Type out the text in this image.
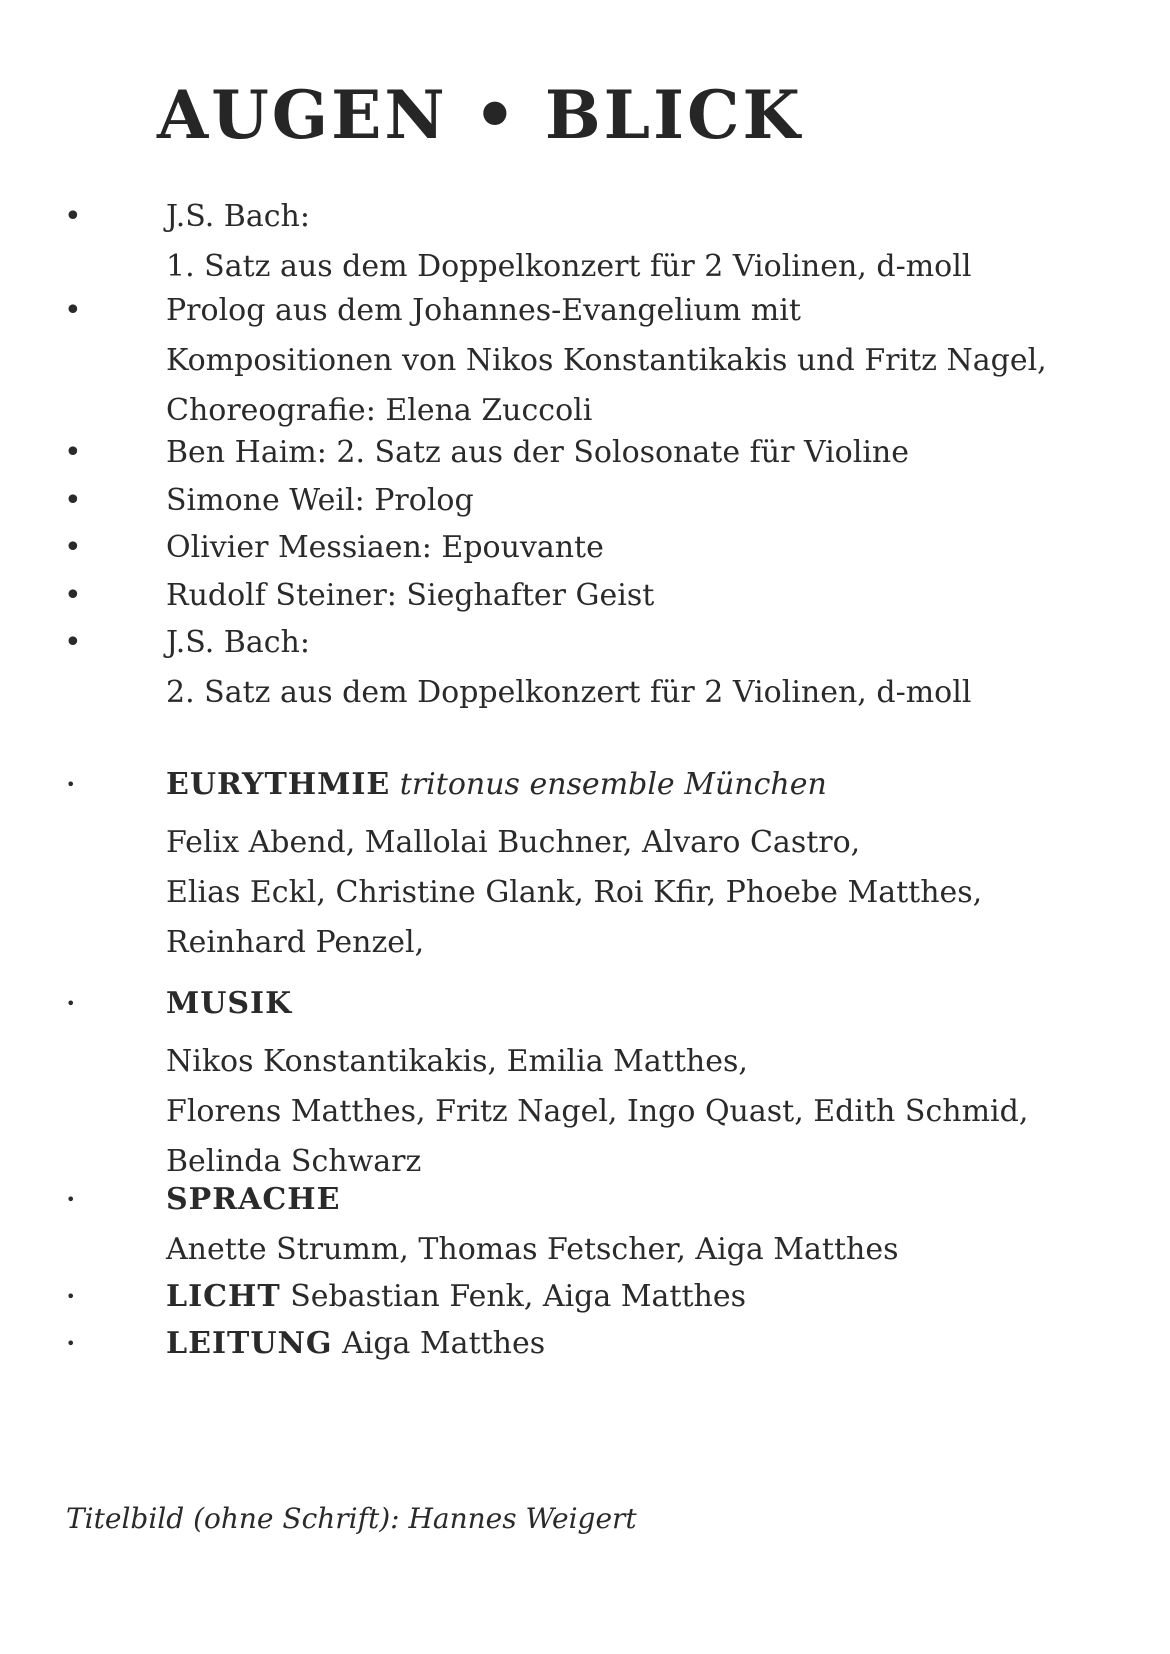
AUGEN • BLICK
•	J.S. Bach:
1. Satz aus dem Doppelkonzert für 2 Violinen, d-moll
•	Prolog aus dem Johannes-Evangelium mit
Kompositionen von Nikos Konstantikakis und Fritz Nagel,
Choreografie: Elena Zuccoli
•	Ben Haim: 2. Satz aus der Solosonate für Violine
•	Simone Weil: Prolog
•	Olivier Messiaen: Epouvante
•	Rudolf Steiner: Sieghafter Geist
•	J.S. Bach:
2. Satz aus dem Doppelkonzert für 2 Violinen, d-moll
•	EURYTHMIE tritonus ensemble München
Felix Abend, Mallolai Buchner, Alvaro Castro,
Elias Eckl, Christine Glank, Roi Kfir, Phoebe Matthes,
Reinhard Penzel,
•	MUSIK
Nikos Konstantikakis, Emilia Matthes,
Florens Matthes, Fritz Nagel, Ingo Quast, Edith Schmid,
Belinda Schwarz
•	SPRACHE
Anette Strumm, Thomas Fetscher, Aiga Matthes
•	LICHT Sebastian Fenk, Aiga Matthes
•	LEITUNG Aiga Matthes
Titelbild (ohne Schrift): Hannes Weigert
